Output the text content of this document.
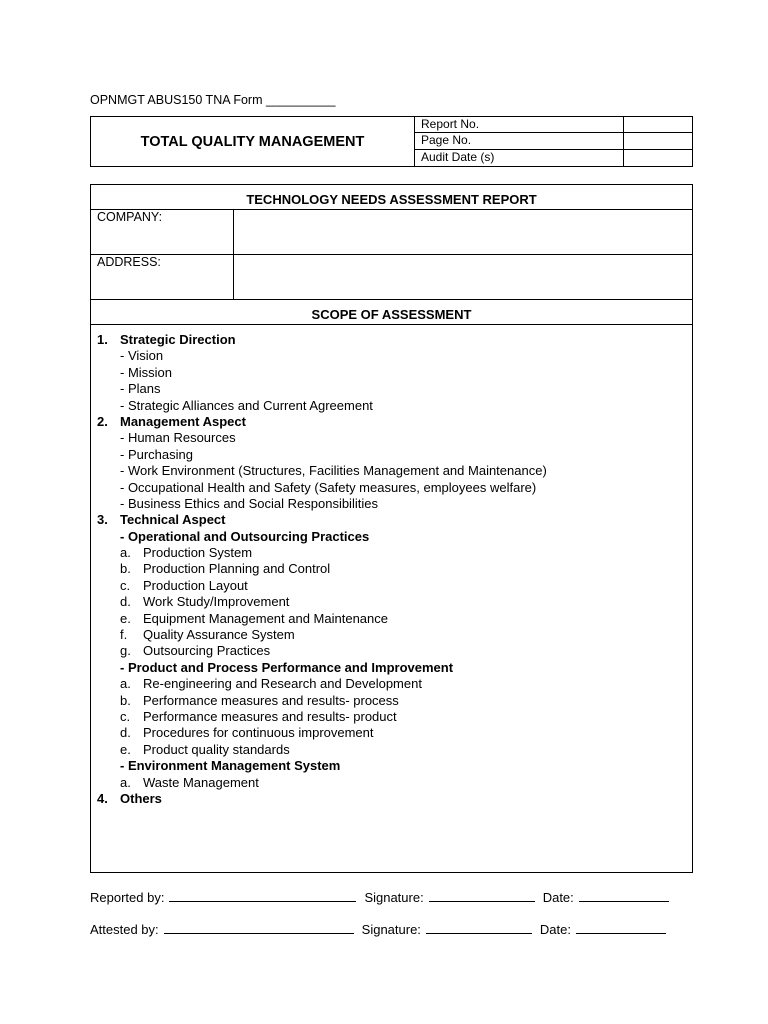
OPNMGT ABUS150 TNA Form __________
TOTAL QUALITY MANAGEMENT
Report No.
Page No.
Audit Date (s)
TECHNOLOGY NEEDS ASSESSMENT REPORT
COMPANY:
ADDRESS:
SCOPE OF ASSESSMENT
1. Strategic Direction
- Vision
- Mission
- Plans
- Strategic Alliances and Current Agreement
2. Management Aspect
- Human Resources
- Purchasing
- Work Environment (Structures, Facilities Management and Maintenance)
- Occupational Health and Safety (Safety measures, employees welfare)
- Business Ethics and Social Responsibilities
3. Technical Aspect
- Operational and Outsourcing Practices
a. Production System
b. Production Planning and Control
c. Production Layout
d. Work Study/Improvement
e. Equipment Management and Maintenance
f.	Quality Assurance System
g. Outsourcing Practices
- Product and Process Performance and Improvement
a. Re-engineering and Research and Development
b. Performance measures and results- process
c. Performance measures and results- product
d. Procedures for continuous improvement
e. Product quality standards
- Environment Management System
a. Waste Management
4. Others
Reported by:	Signature:	Date:
Attested by:	Signature:	Date:
